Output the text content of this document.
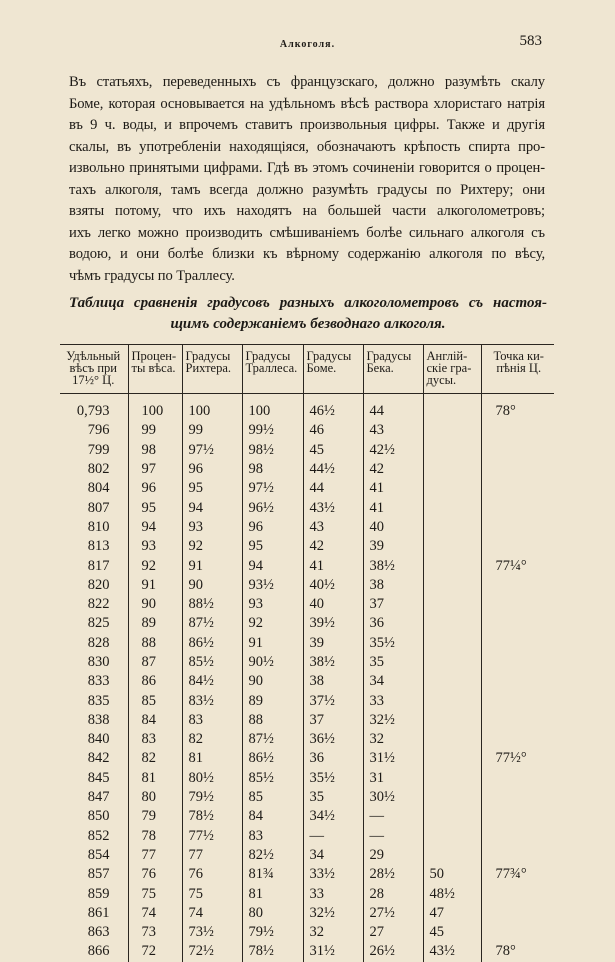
Алкоголя.	583
Въ статьяхъ, переведенныхъ съ французскаго, должно разумѣть скалу
Боме, которая основывается на удѣльномъ вѣсѣ раствора хлористаго натрія
въ 9 ч. воды, и впрочемъ ставитъ произвольныя цифры. Также и другія
скалы, въ употребленіи находящіяся, обозначаютъ крѣпость спирта про-
извольно принятыми цифрами. Гдѣ въ этомъ сочиненіи говорится о процен-
тахъ алкоголя, тамъ всегда должно разумѣть градусы по Рихтеру; они
взяты потому, что ихъ находятъ на большей части алкоголометровъ;
ихъ легко можно производить смѣшиваніемъ болѣе сильнаго алкоголя съ
водою, и они болѣе близки къ вѣрному содержанію алкоголя по вѣсу,
чѣмъ градусы по Траллесу.
Таблица сравненія градусовъ разныхъ алкоголометровъ съ настоя-
щимъ содержаніемъ безводнаго алкоголя.
Удѣльный вѣсъ при 17½° Ц.	Процен-ты вѣса.	Градусы Рихтера.	Градусы Траллеса.	Градусы Боме.	Градусы Бека.	Англій-скіе гра-дусы.	Точка ки-пѣнія Ц.
0,793	100	100	100	46½	44		78°
796	99	99	99½	46	43		
799	98	97½	98½	45	42½		
802	97	96	98	44½	42		
804	96	95	97½	44	41		
807	95	94	96½	43½	41		
810	94	93	96	43	40		
813	93	92	95	42	39		
817	92	91	94	41	38½		77¼°
820	91	90	93½	40½	38		
822	90	88½	93	40	37		
825	89	87½	92	39½	36		
828	88	86½	91	39	35½		
830	87	85½	90½	38½	35		
833	86	84½	90	38	34		
835	85	83½	89	37½	33		
838	84	83	88	37	32½		
840	83	82	87½	36½	32		
842	82	81	86½	36	31½		77½°
845	81	80½	85½	35½	31		
847	80	79½	85	35	30½		
850	79	78½	84	34½	—		
852	78	77½	83	—	—		
854	77	77	82½	34	29		
857	76	76	81¾	33½	28½	50	77¾°
859	75	75	81	33	28	48½	
861	74	74	80	32½	27½	47	
863	73	73½	79½	32	27	45	
866	72	72½	78½	31½	26½	43½	78°
